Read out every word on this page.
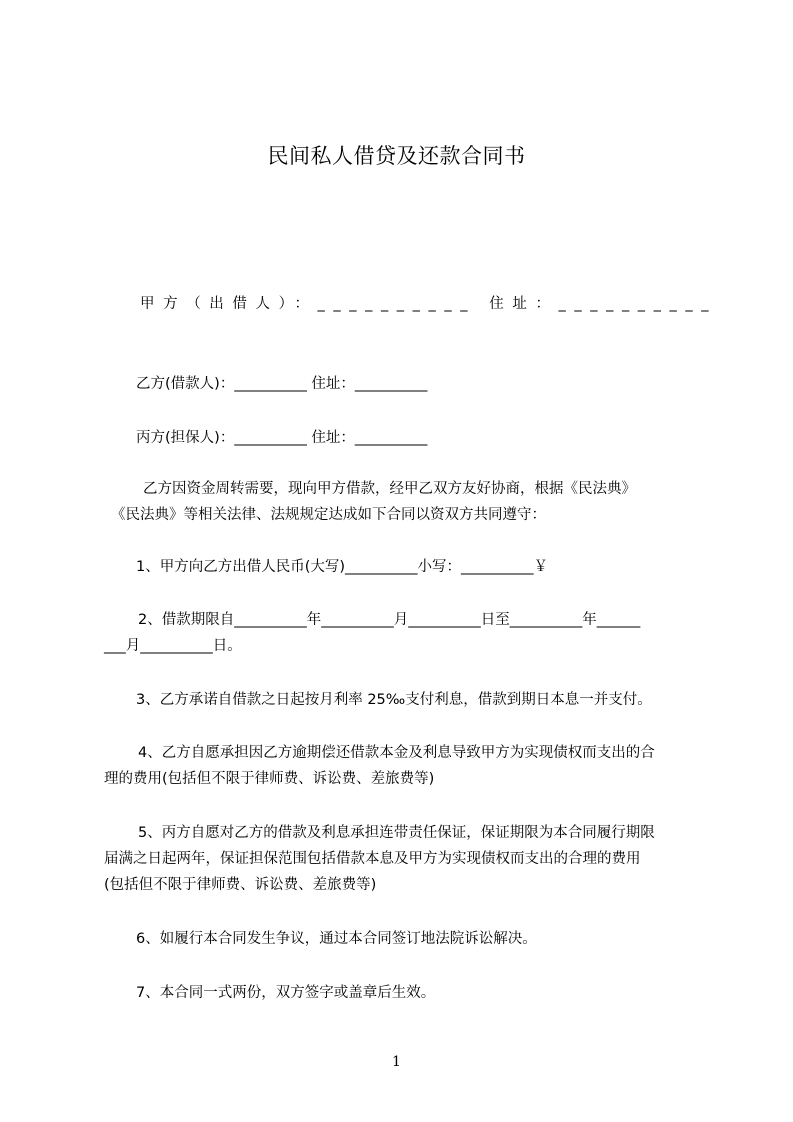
民间私人借贷及还款合同书
甲方（出借人）：__________ 住址：__________
乙方(借款人)：__________ 住址：__________
丙方(担保人)：__________ 住址：__________
乙方因资金周转需要，现向甲方借款，经甲乙双方友好协商，根据《民法典》
《民法典》等相关法律、法规规定达成如下合同以资双方共同遵守：
1、甲方向乙方出借人民币(大写)__________小写：__________￥
2、借款期限自__________年__________月__________日至__________年______
___月__________日。
3、乙方承诺自借款之日起按月利率 25‰支付利息，借款到期日本息一并支付。
4、乙方自愿承担因乙方逾期偿还借款本金及利息导致甲方为实现债权而支出的合
理的费用(包括但不限于律师费、诉讼费、差旅费等)
5、丙方自愿对乙方的借款及利息承担连带责任保证，保证期限为本合同履行期限
届满之日起两年，保证担保范围包括借款本息及甲方为实现债权而支出的合理的费用
(包括但不限于律师费、诉讼费、差旅费等)
6、如履行本合同发生争议，通过本合同签订地法院诉讼解决。
7、本合同一式两份，双方签字或盖章后生效。
1
